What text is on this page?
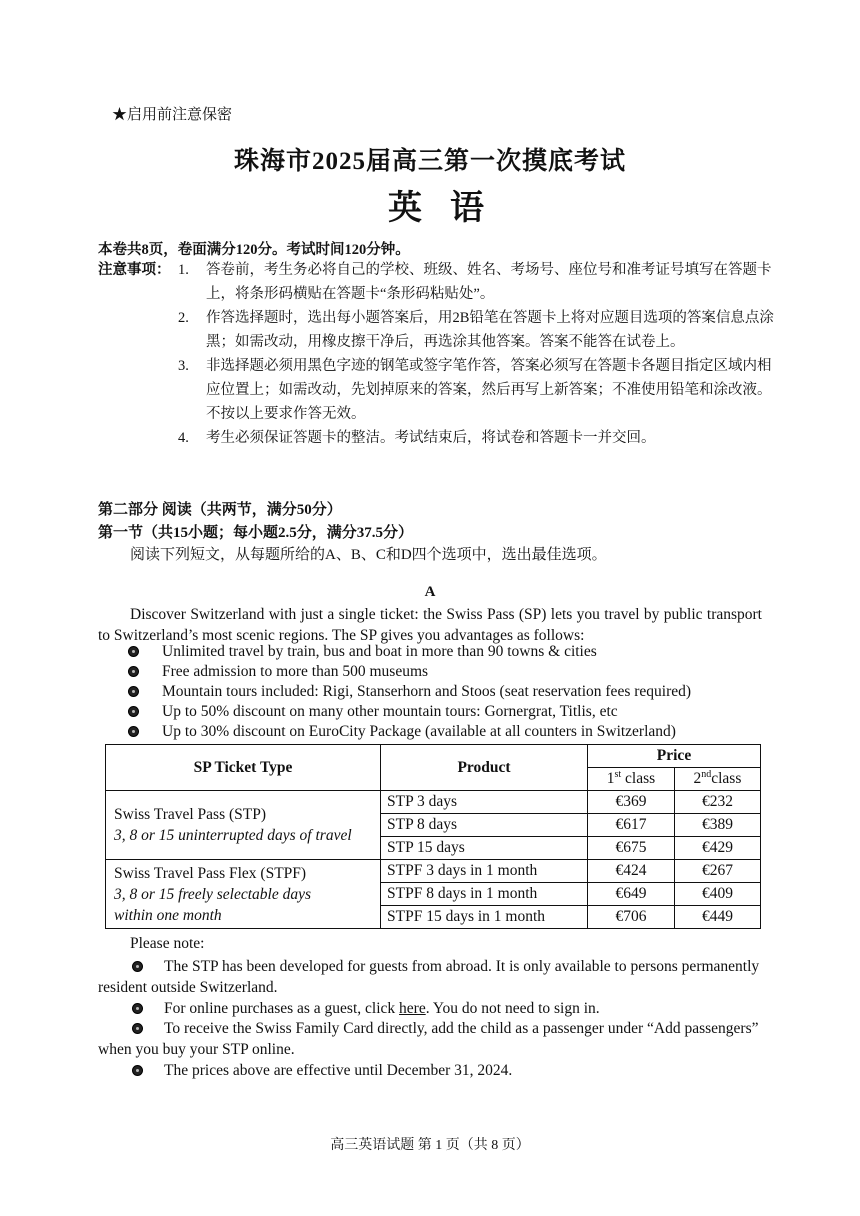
★启用前注意保密
珠海市2025届高三第一次摸底考试
英语
本卷共8页，卷面满分120分。考试时间120分钟。
注意事项： 1. 答卷前，考生务必将自己的学校、班级、姓名、考场号、座位号和准考证号填写在答题卡上，将条形码横贴在答题卡“条形码粘贴处”。
2. 作答选择题时，选出每小题答案后，用2B铅笔在答题卡上将对应题目选项的答案信息点涂黑；如需改动，用橡皮擦干净后，再选涂其他答案。答案不能答在试卷上。
3. 非选择题必须用黑色字迹的钢笔或签字笔作答，答案必须写在答题卡各题目指定区域内相应位置上；如需改动，先划掉原来的答案，然后再写上新答案；不准使用铅笔和涂改液。不按以上要求作答无效。
4. 考生必须保证答题卡的整洁。考试结束后，将试卷和答题卡一并交回。
第二部分 阅读（共两节，满分50分）
第一节（共15小题；每小题2.5分，满分37.5分）
阅读下列短文，从每题所给的A、B、C和D四个选项中，选出最佳选项。
A
Discover Switzerland with just a single ticket: the Swiss Pass (SP) lets you travel by public transport to Switzerland’s most scenic regions. The SP gives you advantages as follows:
Unlimited travel by train, bus and boat in more than 90 towns & cities
Free admission to more than 500 museums
Mountain tours included: Rigi, Stanserhorn and Stoos (seat reservation fees required)
Up to 50% discount on many other mountain tours: Gornergrat, Titlis, etc
Up to 30% discount on EuroCity Package (available at all counters in Switzerland)
SP Ticket Type	Product	Price	
		1st class	2ndclass
Swiss Travel Pass (STP)
3, 8 or 15 uninterrupted days of travel	STP 3 days	€369	€232
	STP 8 days	€617	€389
	STP 15 days	€675	€429
Swiss Travel Pass Flex (STPF)
3, 8 or 15 freely selectable days
within one month	STPF 3 days in 1 month	€424	€267
	STPF 8 days in 1 month	€649	€409
	STPF 15 days in 1 month	€706	€449
Please note:

The STP has been developed for guests from abroad. It is only available to persons permanently resident outside Switzerland.

For online purchases as a guest, click here. You do not need to sign in.

To receive the Swiss Family Card directly, add the child as a passenger under “Add passengers” when you buy your STP online.

The prices above are effective until December 31, 2024.

高三英语试题 第 1 页（共 8 页）
